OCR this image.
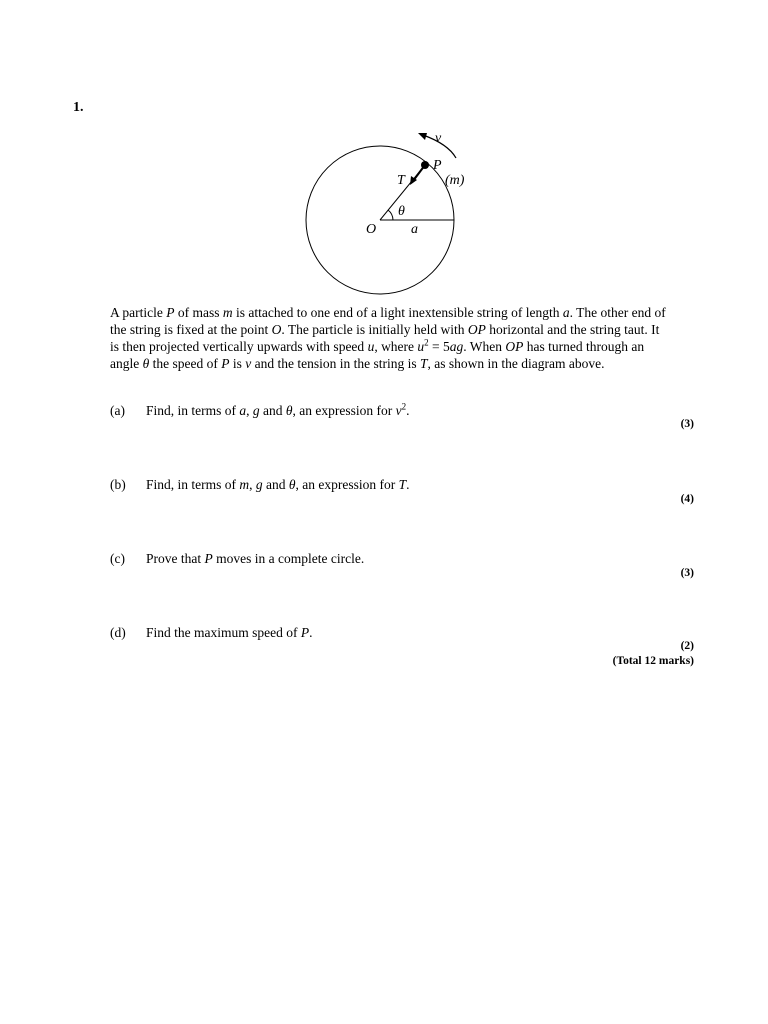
1.
v
P
T	(m)
θ
O a
A particle P of mass m is attached to one end of a light inextensible string of length a. The other end of the string is fixed at the point O. The particle is initially held with OP horizontal and the string taut. It is then projected vertically upwards with speed u, where $u^2 = 5ag$. When OP has turned through an angle θ the speed of P is v and the tension in the string is T, as shown in the diagram above.
(a) Find, in terms of a, g and θ, an expression for $v^2$.
(3)
(b) Find, in terms of m, g and θ, an expression for T.
(4)
(c) Prove that P moves in a complete circle.
(3)
(d) Find the maximum speed of P.
(2)
(Total 12 marks)
